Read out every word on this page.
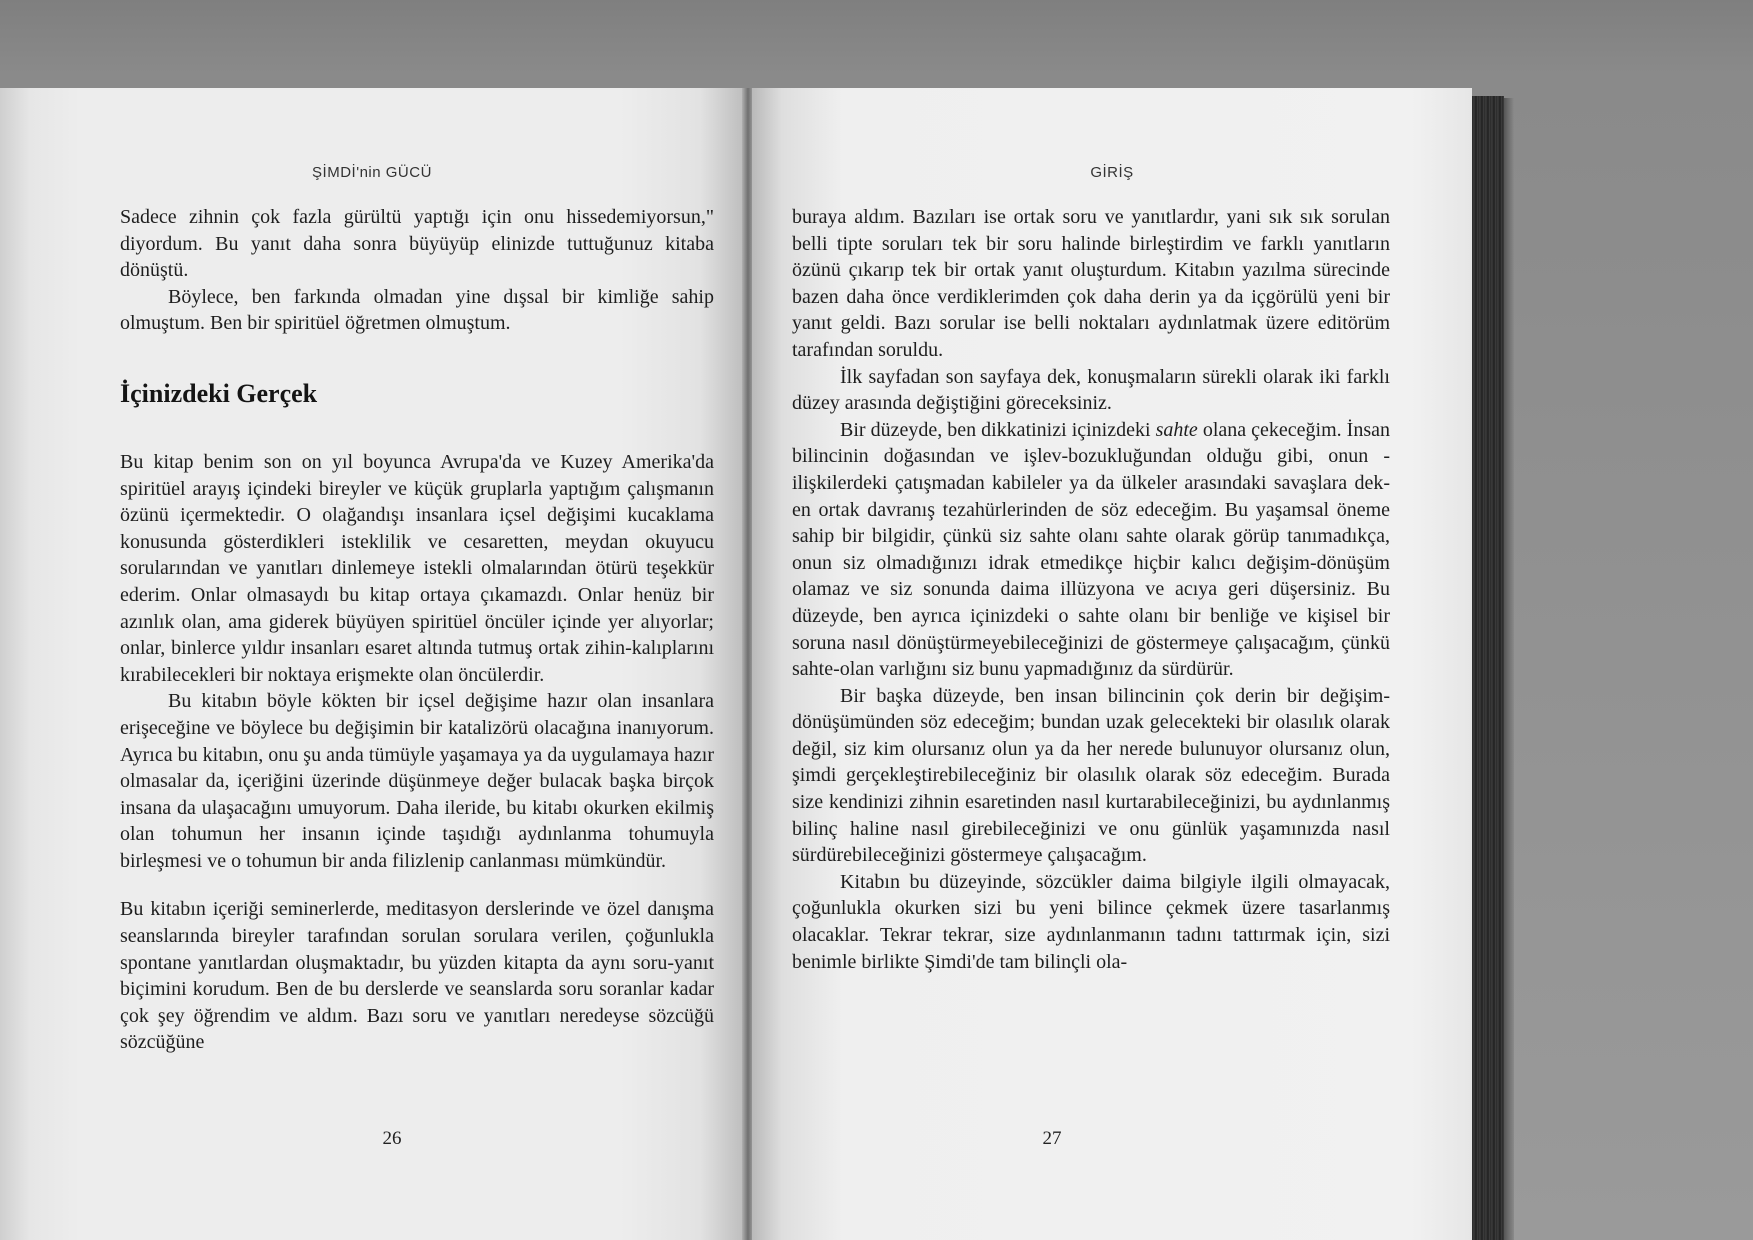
ŞİMDİ'nin GÜCÜ

Sadece zihnin çok fazla gürültü yaptığı için onu hissedemiyorsun," diyordum. Bu yanıt daha sonra büyüyüp elinizde tuttuğunuz kitaba dönüştü.

Böylece, ben farkında olmadan yine dışsal bir kimliğe sahip olmuştum. Ben bir spiritüel öğretmen olmuştum.

İçinizdeki Gerçek

Bu kitap benim son on yıl boyunca Avrupa'da ve Kuzey Amerika'da spiritüel arayış içindeki bireyler ve küçük gruplarla yaptığım çalışmanın özünü içermektedir. O olağandışı insanlara içsel değişimi kucaklama konusunda gösterdikleri isteklilik ve cesaretten, meydan okuyucu sorularından ve yanıtları dinlemeye istekli olmalarından ötürü teşekkür ederim. Onlar olmasaydı bu kitap ortaya çıkamazdı. Onlar henüz bir azınlık olan, ama giderek büyüyen spiritüel öncüler içinde yer alıyorlar; onlar, binlerce yıldır insanları esaret altında tutmuş ortak zihin-kalıplarını kırabilecekleri bir noktaya erişmekte olan öncülerdir.

Bu kitabın böyle kökten bir içsel değişime hazır olan insanlara erişeceğine ve böylece bu değişimin bir katalizörü olacağına inanıyorum. Ayrıca bu kitabın, onu şu anda tümüyle yaşamaya ya da uygulamaya hazır olmasalar da, içeriğini üzerinde düşünmeye değer bulacak başka birçok insana da ulaşacağını umuyorum. Daha ileride, bu kitabı okurken ekilmiş olan tohumun her insanın içinde taşıdığı aydınlanma tohumuyla birleşmesi ve o tohumun bir anda filizlenip canlanması mümkündür.

Bu kitabın içeriği seminerlerde, meditasyon derslerinde ve özel danışma seanslarında bireyler tarafından sorulan sorulara verilen, çoğunlukla spontane yanıtlardan oluşmaktadır, bu yüzden kitapta da aynı soru-yanıt biçimini korudum. Ben de bu derslerde ve seanslarda soru soranlar kadar çok şey öğrendim ve aldım. Bazı soru ve yanıtları neredeyse sözcüğü sözcüğüne

26
GİRİŞ

buraya aldım. Bazıları ise ortak soru ve yanıtlardır, yani sık sık sorulan belli tipte soruları tek bir soru halinde birleştirdim ve farklı yanıtların özünü çıkarıp tek bir ortak yanıt oluşturdum. Kitabın yazılma sürecinde bazen daha önce verdiklerimden çok daha derin ya da içgörülü yeni bir yanıt geldi. Bazı sorular ise belli noktaları aydınlatmak üzere editörüm tarafından soruldu.

İlk sayfadan son sayfaya dek, konuşmaların sürekli olarak iki farklı düzey arasında değiştiğini göreceksiniz.

Bir düzeyde, ben dikkatinizi içinizdeki sahte olana çekeceğim. İnsan bilincinin doğasından ve işlev-bozukluğundan olduğu gibi, onun -ilişkilerdeki çatışmadan kabileler ya da ülkeler arasındaki savaşlara dek- en ortak davranış tezahürlerinden de söz edeceğim. Bu yaşamsal öneme sahip bir bilgidir, çünkü siz sahte olanı sahte olarak görüp tanımadıkça, onun siz olmadığınızı idrak etmedikçe hiçbir kalıcı değişim-dönüşüm olamaz ve siz sonunda daima illüzyona ve acıya geri düşersiniz. Bu düzeyde, ben ayrıca içinizdeki o sahte olanı bir benliğe ve kişisel bir soruna nasıl dönüştürmeyebileceğinizi de göstermeye çalışacağım, çünkü sahte-olan varlığını siz bunu yapmadığınız da sürdürür.

Bir başka düzeyde, ben insan bilincinin çok derin bir değişim-dönüşümünden söz edeceğim; bundan uzak gelecekteki bir olasılık olarak değil, siz kim olursanız olun ya da her nerede bulunuyor olursanız olun, şimdi gerçekleştirebileceğiniz bir olasılık olarak söz edeceğim. Burada size kendinizi zihnin esaretinden nasıl kurtarabileceğinizi, bu aydınlanmış bilinç haline nasıl girebileceğinizi ve onu günlük yaşamınızda nasıl sürdürebileceğinizi göstermeye çalışacağım.

Kitabın bu düzeyinde, sözcükler daima bilgiyle ilgili olmayacak, çoğunlukla okurken sizi bu yeni bilince çekmek üzere tasarlanmış olacaklar. Tekrar tekrar, size aydınlanmanın tadını tattırmak için, sizi benimle birlikte Şimdi'de tam bilinçli ola-

27
